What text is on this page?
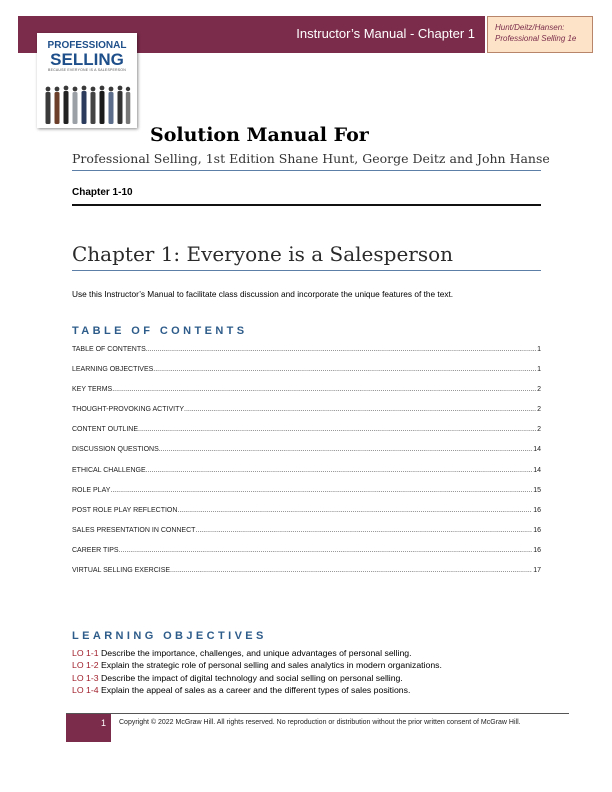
Instructor’s Manual - Chapter 1	Hunt/Deitz/Hansen:
Professional Selling 1e
PROFESSIONAL
SELLING
BECAUSE EVERYONE IS A SALESPERSON
Solution Manual For
Professional Selling, 1st Edition Shane Hunt, George Deitz and John Hanse
Chapter 1-10
Chapter 1: Everyone is a Salesperson
Use this Instructor’s Manual to facilitate class discussion and incorporate the unique features of the text.
TABLE OF CONTENTS
TABLE OF CONTENTS .....	1
LEARNING OBJECTIVES .....	1
KEY TERMS .....	2
THOUGHT-PROVOKING ACTIVITY .....	2
CONTENT OUTLINE .....	2
DISCUSSION QUESTIONS .....	14
ETHICAL CHALLENGE .....	14
ROLE PLAY .....	15
POST ROLE PLAY REFLECTION .....	16
SALES PRESENTATION IN CONNECT .....	16
CAREER TIPS .....	16
VIRTUAL SELLING EXERCISE .....	17
LEARNING OBJECTIVES
LO 1-1 Describe the importance, challenges, and unique advantages of personal selling.
LO 1-2 Explain the strategic role of personal selling and sales analytics in modern organizations.
LO 1-3 Describe the impact of digital technology and social selling on personal selling.
LO 1-4 Explain the appeal of sales as a career and the different types of sales positions.
1	Copyright © 2022 McGraw Hill. All rights reserved. No reproduction or distribution without the prior written consent of McGraw Hill.
